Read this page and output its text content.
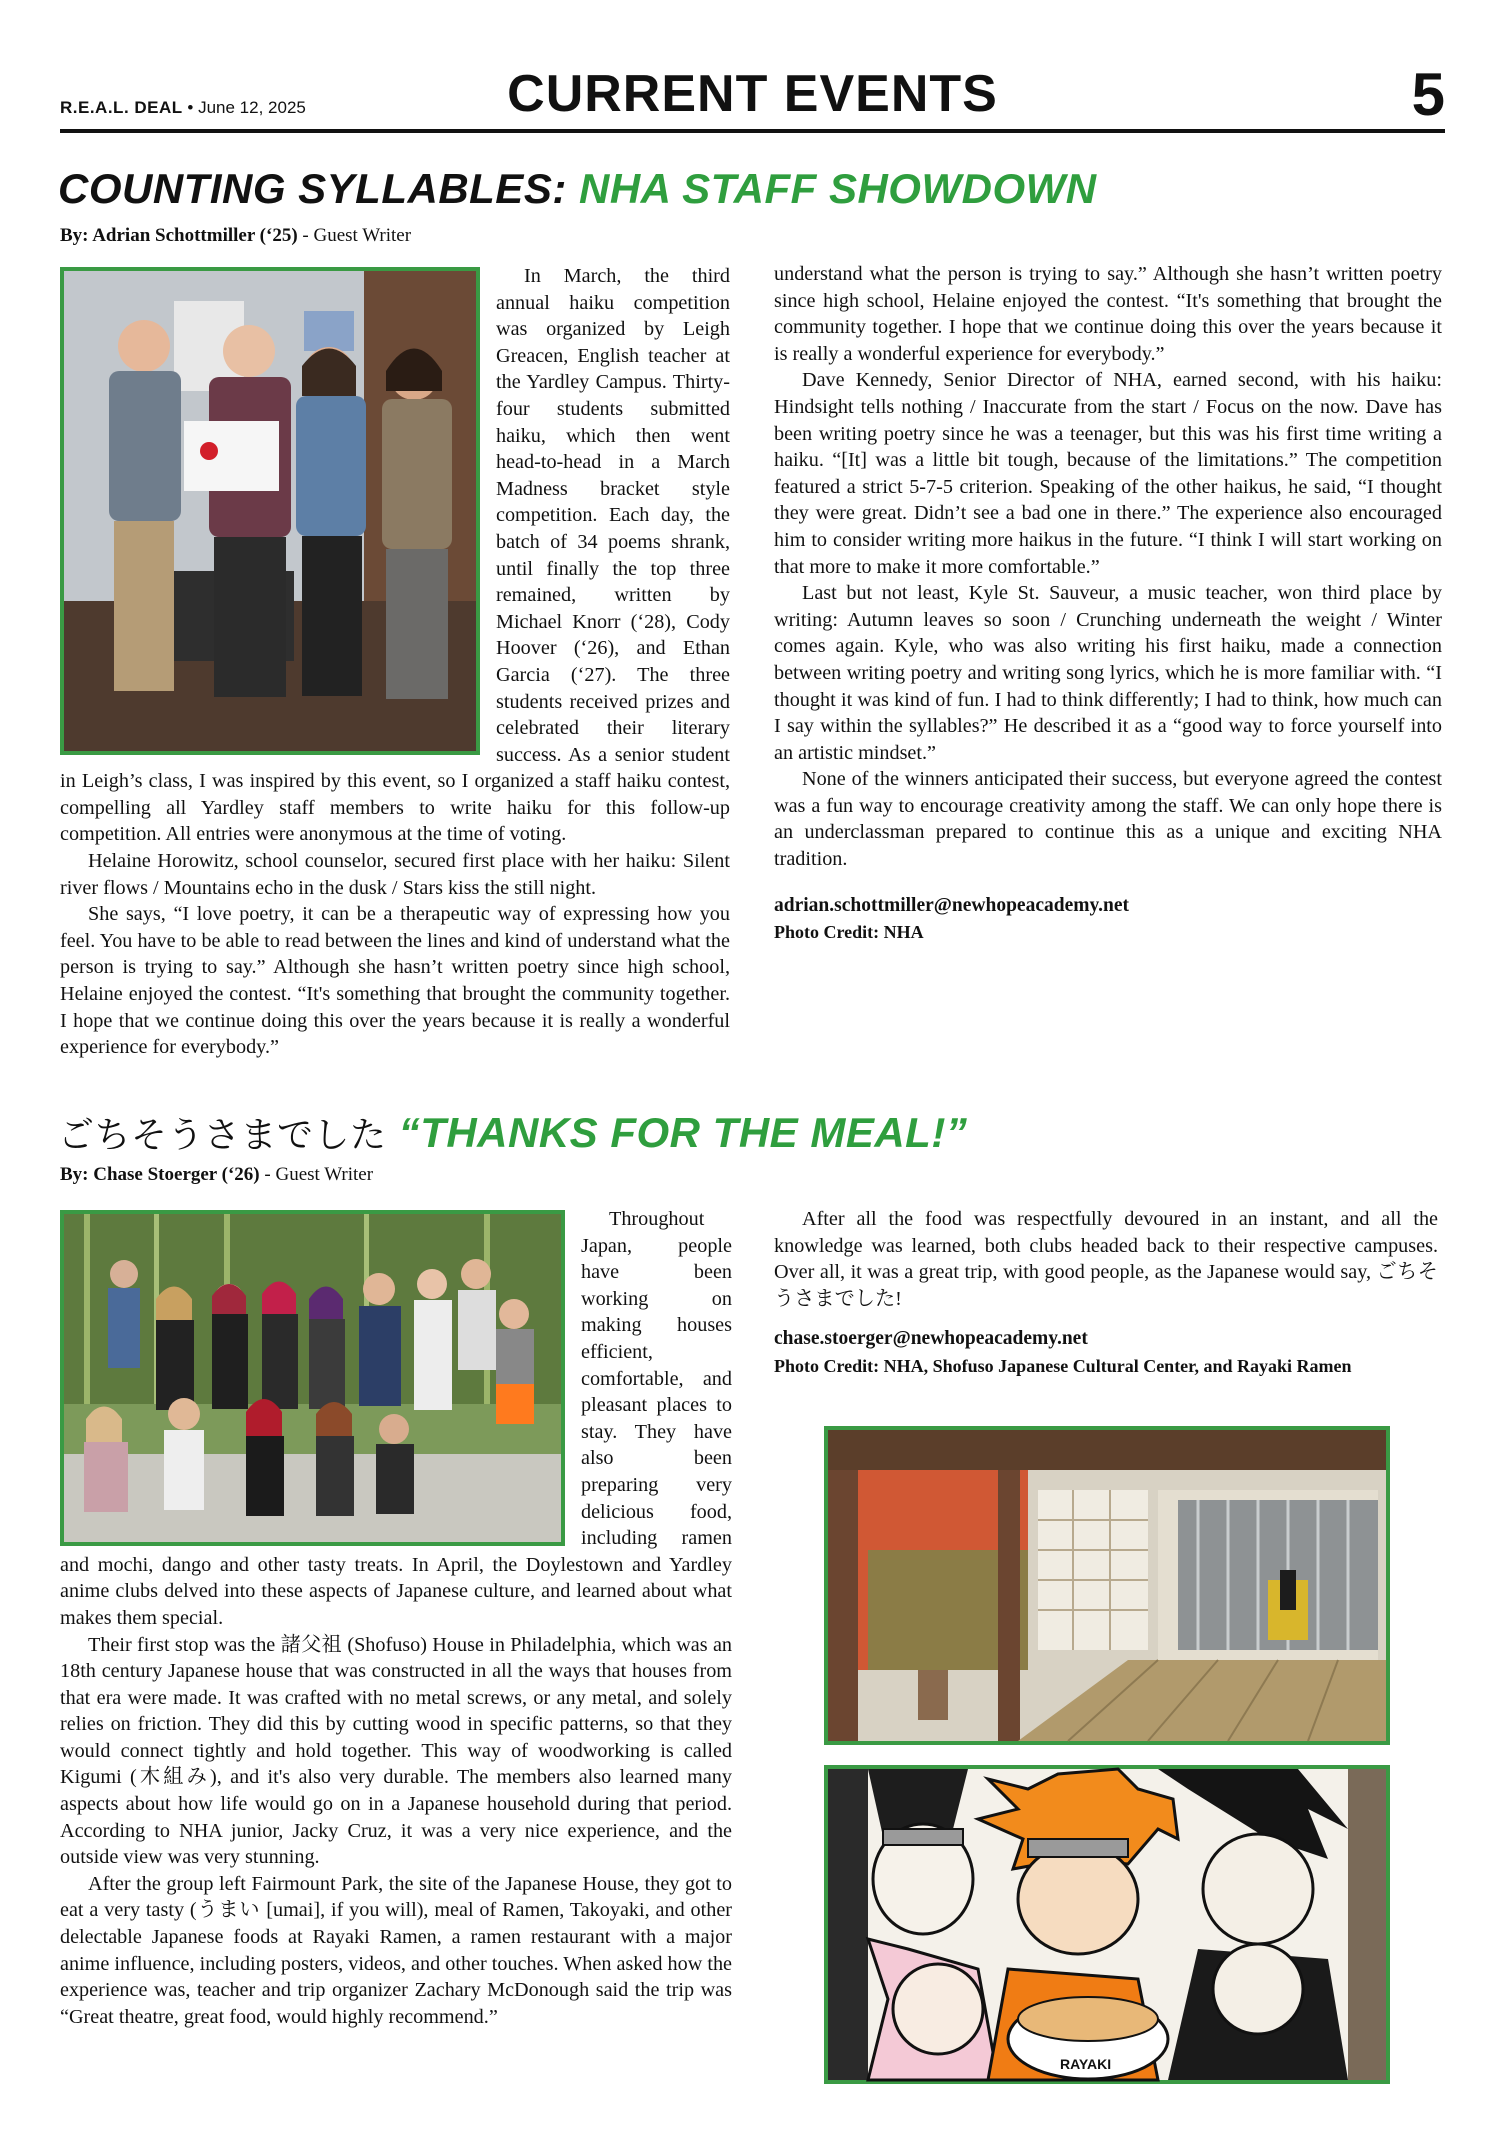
R.E.A.L. DEAL • June 12, 2025	CURRENT EVENTS	5
COUNTING SYLLABLES: NHA STAFF SHOWDOWN
By: Adrian Schottmiller (‘25) - Guest Writer

In March, the third annual haiku competition was organized by Leigh Greacen, English teacher at the Yardley Campus. Thirty-four students submitted haiku, which then went head-to-head in a March Madness bracket style competition. Each day, the batch of 34 poems shrank, until finally the top three remained, written by Michael Knorr (‘28), Cody Hoover (‘26), and Ethan Garcia (‘27). The three students received prizes and celebrated their literary success. As a senior student in Leigh’s class, I was inspired by this event, so I organized a staff haiku contest, compelling all Yardley staff members to write haiku for this follow-up competition. All entries were anonymous at the time of voting.

Helaine Horowitz, school counselor, secured first place with her haiku: Silent river flows / Mountains echo in the dusk / Stars kiss the still night.

She says, “I love poetry, it can be a therapeutic way of expressing how you feel. You have to be able to read between the lines and kind of understand what the person is trying to say.” Although she hasn’t written poetry since high school, Helaine enjoyed the contest. “It's something that brought the community together. I hope that we continue doing this over the years because it is really a wonderful experience for everybody.”

understand what the person is trying to say.” Although she hasn’t written poetry since high school, Helaine enjoyed the contest. “It's something that brought the community together. I hope that we continue doing this over the years because it is really a wonderful experience for everybody.”

Dave Kennedy, Senior Director of NHA, earned second, with his haiku: Hindsight tells nothing / Inaccurate from the start / Focus on the now. Dave has been writing poetry since he was a teenager, but this was his first time writing a haiku. “[It] was a little bit tough, because of the limitations.” The competition featured a strict 5-7-5 criterion. Speaking of the other haikus, he said, “I thought they were great. Didn’t see a bad one in there.” The experience also encouraged him to consider writing more haikus in the future. “I think I will start working on that more to make it more comfortable.”

Last but not least, Kyle St. Sauveur, a music teacher, won third place by writing: Autumn leaves so soon / Crunching underneath the weight / Winter comes again. Kyle, who was also writing his first haiku, made a connection between writing poetry and writing song lyrics, which he is more familiar with. “I thought it was kind of fun. I had to think differently; I had to think, how much can I say within the syllables?” He described it as a “good way to force yourself into an artistic mindset.”

None of the winners anticipated their success, but everyone agreed the contest was a fun way to encourage creativity among the staff. We can only hope there is an underclassman prepared to continue this as a unique and exciting NHA tradition.

adrian.schottmiller@newhopeacademy.net
Photo Credit: NHA
ごちそうさまでした “THANKS FOR THE MEAL!”
By: Chase Stoerger (‘26) - Guest Writer

Throughout Japan, people have been working on making houses efficient, comfortable, and pleasant places to stay. They have also been preparing very delicious food, including ramen and mochi, dango and other tasty treats. In April, the Doylestown and Yardley anime clubs delved into these aspects of Japanese culture, and learned about what makes them special.

Their first stop was the 諸父祖 (Shofuso) House in Philadelphia, which was an 18th century Japanese house that was constructed in all the ways that houses from that era were made. It was crafted with no metal screws, or any metal, and solely relies on friction. They did this by cutting wood in specific patterns, so that they would connect tightly and hold together. This way of woodworking is called Kigumi (木組み), and it's also very durable. The members also learned many aspects about how life would go on in a Japanese household during that period. According to NHA junior, Jacky Cruz, it was a very nice experience, and the outside view was very stunning.

After the group left Fairmount Park, the site of the Japanese House, they got to eat a very tasty (うまい [umai], if you will), meal of Ramen, Takoyaki, and other delectable Japanese foods at Rayaki Ramen, a ramen restaurant with a major anime influence, including posters, videos, and other touches. When asked how the experience was, teacher and trip organizer Zachary McDonough said the trip was “Great theatre, great food, would highly recommend.”

After all the food was respectfully devoured in an instant, and all the knowledge was learned, both clubs headed back to their respective campuses. Over all, it was a great trip, with good people, as the Japanese would say, ごちそうさまでした!

chase.stoerger@newhopeacademy.net
Photo Credit: NHA, Shofuso Japanese Cultural Center, and Rayaki Ramen
RAYAKI
